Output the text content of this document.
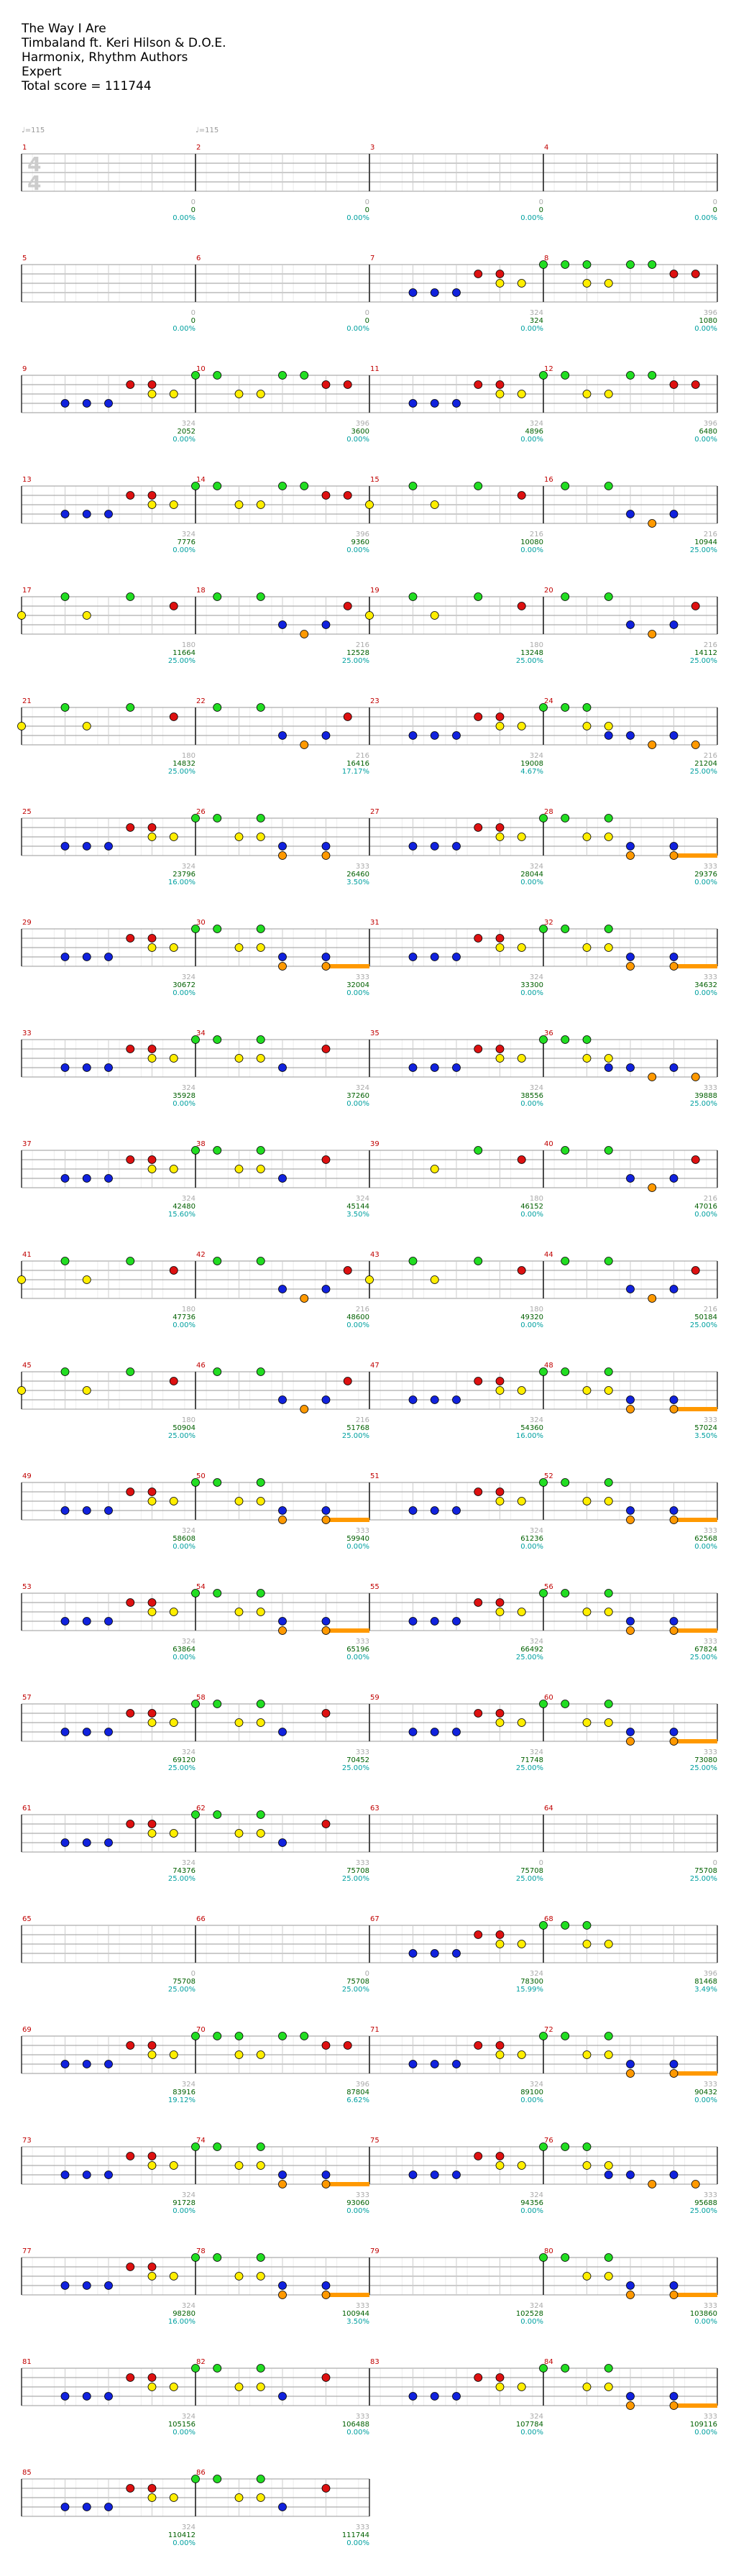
The Way I Are
Timbaland ft. Keri Hilson & D.O.E.
Harmonix, Rhythm Authors
Expert
Total score = 111744
♩=115	♩=115
4
4
1
0
0
0.00%
2
0
0
0.00%
3
0
0
0.00%
4
0
0
0.00%
5
0
0
0.00%
6
0
0
0.00%
7
324
324
0.00%
8
396
1080
0.00%
9
324
2052
0.00%
10
396
3600
0.00%
11
324
4896
0.00%
12
396
6480
0.00%
13
324
7776
0.00%
14
396
9360
0.00%
15
216
10080
0.00%
16
216
10944
25.00%
17
180
11664
25.00%
18
216
12528
25.00%
19
180
13248
25.00%
20
216
14112
25.00%
21
180
14832
25.00%
22
216
16416
17.17%
23
324
19008
4.67%
24
216
21204
25.00%
25
324
23796
16.00%
26
333
26460
3.50%
27
324
28044
0.00%
28
333
29376
0.00%
29
324
30672
0.00%
30
333
32004
0.00%
31
324
33300
0.00%
32
333
34632
0.00%
33
324
35928
0.00%
34
324
37260
0.00%
35
324
38556
0.00%
36
333
39888
25.00%
37
324
42480
15.60%
38
324
45144
3.50%
39
180
46152
0.00%
40
216
47016
0.00%
41
180
47736
0.00%
42
216
48600
0.00%
43
180
49320
0.00%
44
216
50184
25.00%
45
180
50904
25.00%
46
216
51768
25.00%
47
324
54360
16.00%
48
333
57024
3.50%
49
324
58608
0.00%
50
333
59940
0.00%
51
324
61236
0.00%
52
333
62568
0.00%
53
324
63864
0.00%
54
333
65196
0.00%
55
324
66492
25.00%
56
333
67824
25.00%
57
324
69120
25.00%
58
333
70452
25.00%
59
324
71748
25.00%
60
333
73080
25.00%
61
324
74376
25.00%
62
333
75708
25.00%
63
0
75708
25.00%
64
0
75708
25.00%
65
0
75708
25.00%
66
0
75708
25.00%
67
324
78300
15.99%
68
396
81468
3.49%
69
324
83916
19.12%
70
396
87804
6.62%
71
324
89100
0.00%
72
333
90432
0.00%
73
324
91728
0.00%
74
333
93060
0.00%
75
324
94356
0.00%
76
333
95688
25.00%
77
324
98280
16.00%
78
333
100944
3.50%
79
324
102528
0.00%
80
333
103860
0.00%
81
324
105156
0.00%
82
333
106488
0.00%
83
324
107784
0.00%
84
333
109116
0.00%
85
324
110412
0.00%
86
333
111744
0.00%
